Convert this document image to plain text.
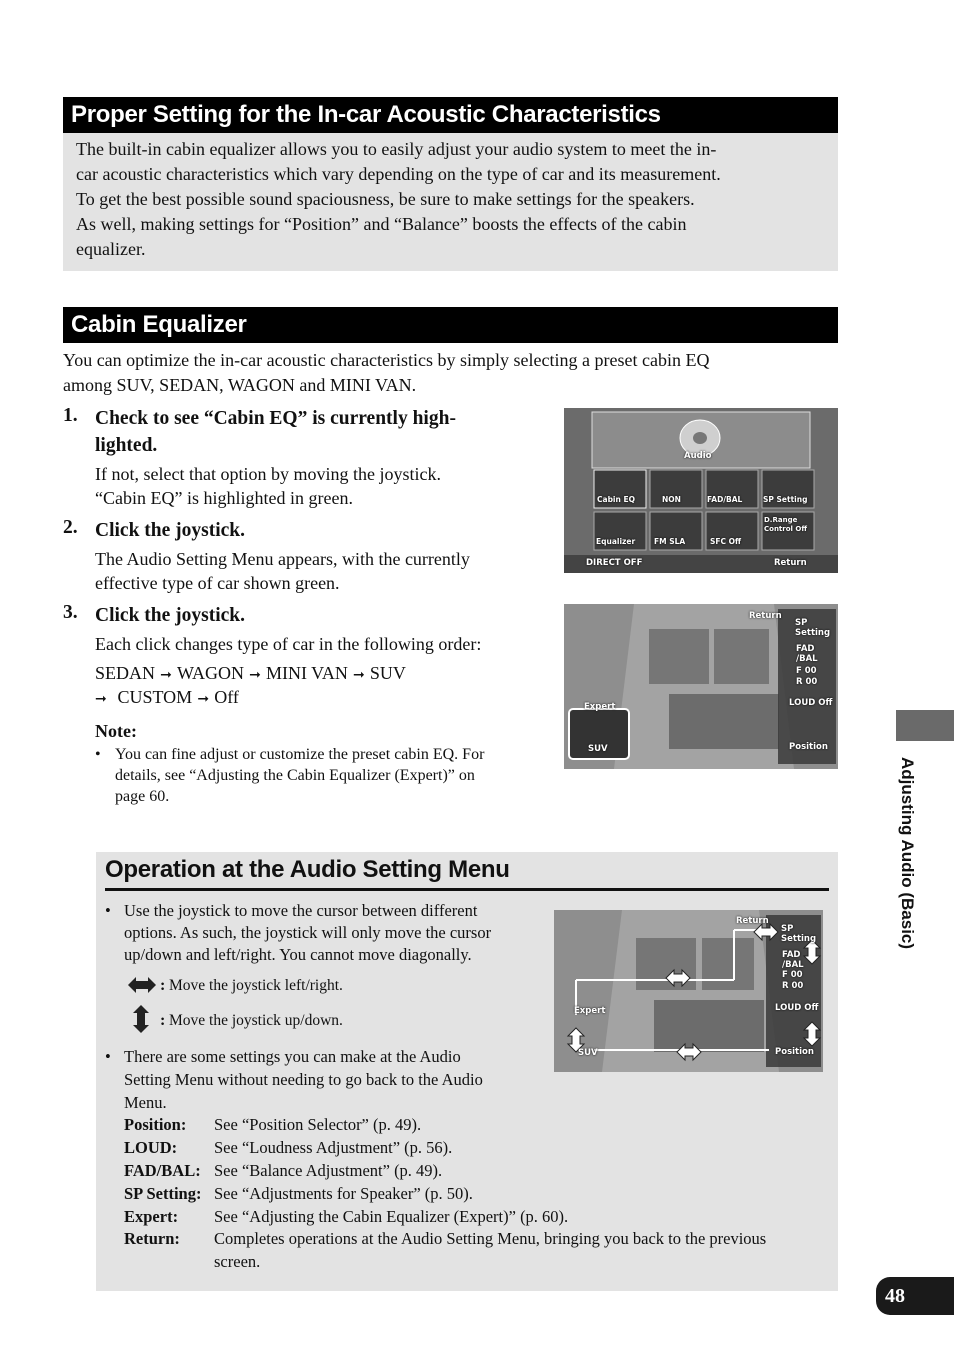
Proper Setting for the In-car Acoustic Characteristics
The built-in cabin equalizer allows you to easily adjust your audio system to meet the in-
car acoustic characteristics which vary depending on the type of car and its measurement.
To get the best possible sound spaciousness, be sure to make settings for the speakers.
As well, making settings for “Position” and “Balance” boosts the effects of the cabin
equalizer.
Cabin Equalizer
You can optimize the in-car acoustic characteristics by simply selecting a preset cabin EQ
among SUV, SEDAN, WAGON and MINI VAN.
1. Check to see “Cabin EQ” is currently high-
lighted.
If not, select that option by moving the joystick.
“Cabin EQ” is highlighted in green.
2. Click the joystick.
The Audio Setting Menu appears, with the currently
effective type of car shown green.
3. Click the joystick.
Each click changes type of car in the following order:
SEDAN ➞ WAGON ➞ MINI VAN ➞ SUV
➞ CUSTOM ➞ Off
Note:
• You can fine adjust or customize the preset cabin EQ. For
details, see “Adjusting the Cabin Equalizer (Expert)” on
page 60.
Audio
Cabin EQ	NON	FAD/BAL	SP Setting
Equalizer	FM SLA	SFC Off
D.Range Control Off
DIRECT OFF	Return
Return
SP Setting
FAD /BAL
F 00
R 00
LOUD Off
Position
Expert
SUV
Operation at the Audio Setting Menu
• Use the joystick to move the cursor between different
options. As such, the joystick will only move the cursor
up/down and left/right. You cannot move diagonally.
: Move the joystick left/right.
: Move the joystick up/down.
• There are some settings you can make at the Audio
Setting Menu without needing to go back to the Audio
Menu.
Position: See “Position Selector” (p. 49).
LOUD: See “Loudness Adjustment” (p. 56).
FAD/BAL: See “Balance Adjustment” (p. 49).
SP Setting: See “Adjustments for Speaker” (p. 50).
Expert: See “Adjusting the Cabin Equalizer (Expert)” (p. 60).
Return: Completes operations at the Audio Setting Menu, bringing you back to the previous
screen.
Return
SP Setting
FAD /BAL
F 00
R 00
LOUD Off
Position
Expert
SUV
Adjusting Audio (Basic)
48
